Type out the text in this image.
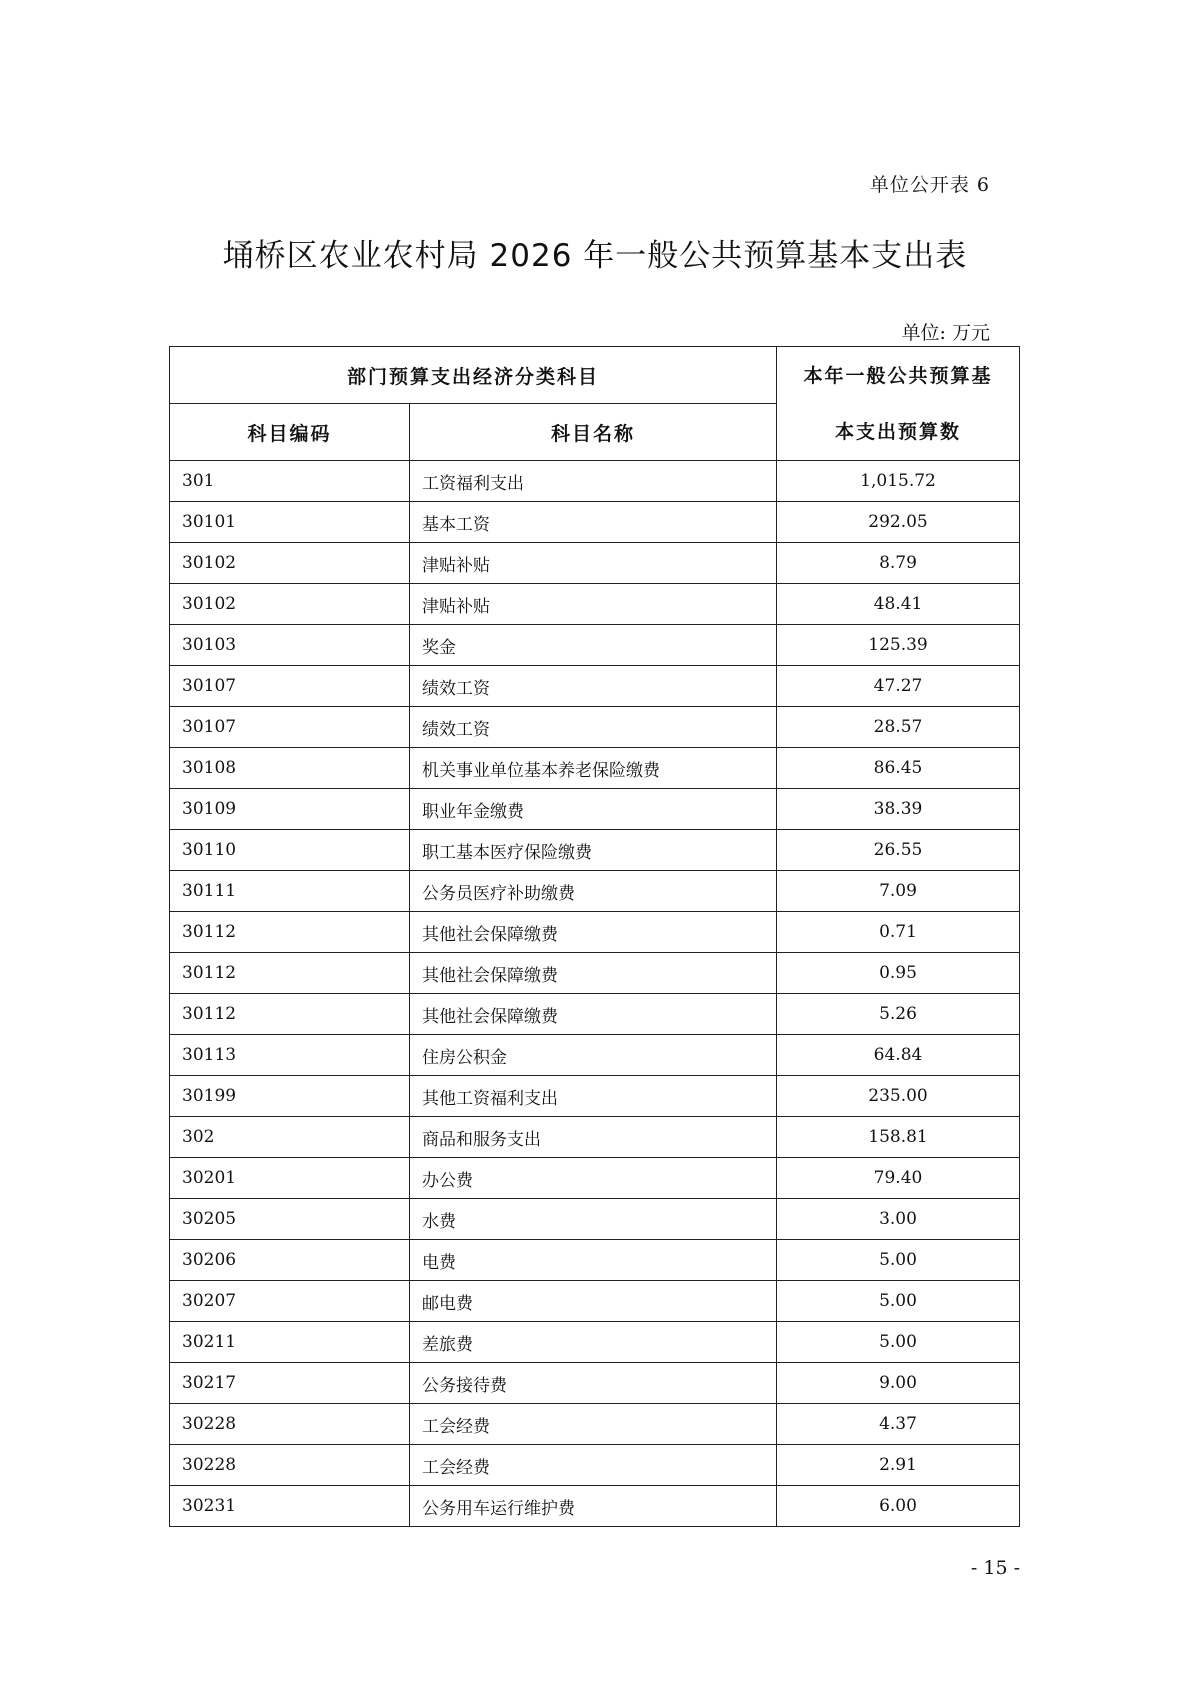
单位公开表 6
埇桥区农业农村局 2026 年一般公共预算基本支出表
单位: 万元
部门预算支出经济分类科目		本年一般公共预算基
本支出预算数

科目编码	科目名称	
301	工资福利支出	1,015.72
30101	基本工资	292.05
30102	津贴补贴	8.79
30102	津贴补贴	48.41
30103	奖金	125.39
30107	绩效工资	47.27
30107	绩效工资	28.57
30108	机关事业单位基本养老保险缴费	86.45
30109	职业年金缴费	38.39
30110	职工基本医疗保险缴费	26.55
30111	公务员医疗补助缴费	7.09
30112	其他社会保障缴费	0.71
30112	其他社会保障缴费	0.95
30112	其他社会保障缴费	5.26
30113	住房公积金	64.84
30199	其他工资福利支出	235.00
302	商品和服务支出	158.81
30201	办公费	79.40
30205	水费	3.00
30206	电费	5.00
30207	邮电费	5.00
30211	差旅费	5.00
30217	公务接待费	9.00
30228	工会经费	4.37
30228	工会经费	2.91
30231	公务用车运行维护费	6.00
- 15 -
